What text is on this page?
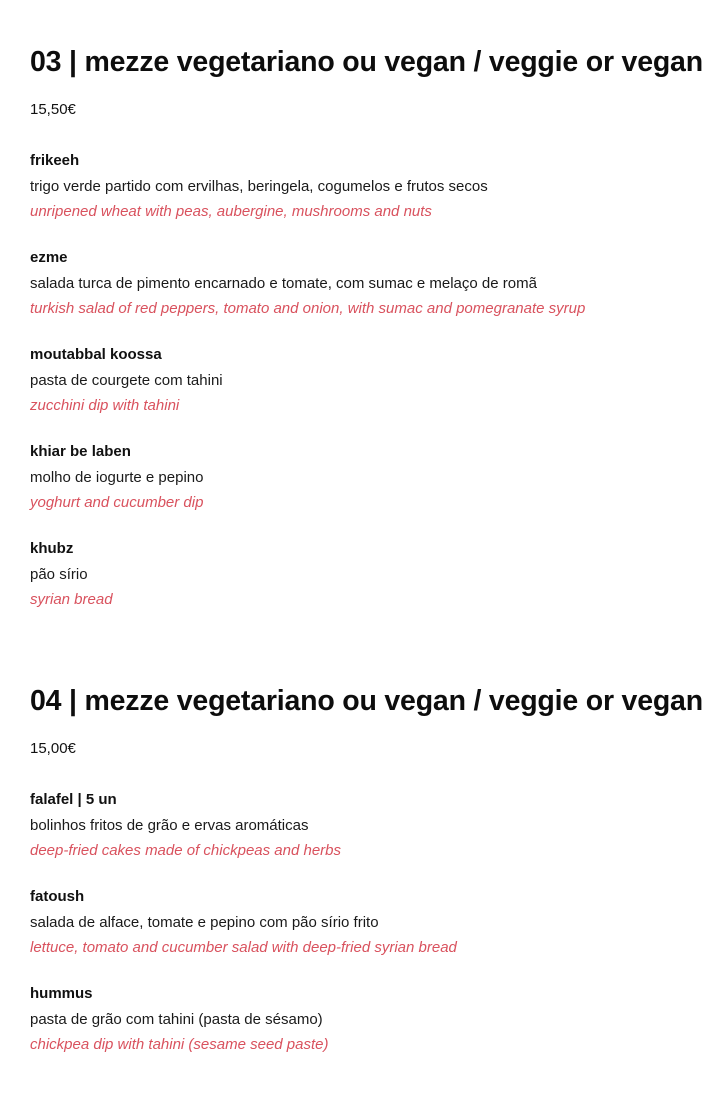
03 | mezze vegetariano ou vegan / veggie or vegan

15,50€

frikeeh
trigo verde partido com ervilhas, beringela, cogumelos e frutos secos
unripened wheat with peas, aubergine, mushrooms and nuts
ezme
salada turca de pimento encarnado e tomate, com sumac e melaço de romã
turkish salad of red peppers, tomato and onion, with sumac and pomegranate syrup
moutabbal koossa
pasta de courgete com tahini
zucchini dip with tahini
khiar be laben
molho de iogurte e pepino
yoghurt and cucumber dip
khubz
pão sírio
syrian bread
04 | mezze vegetariano ou vegan / veggie or vegan

15,00€

falafel | 5 un
bolinhos fritos de grão e ervas aromáticas
deep-fried cakes made of chickpeas and herbs
fatoush
salada de alface, tomate e pepino com pão sírio frito
lettuce, tomato and cucumber salad with deep-fried syrian bread
hummus
pasta de grão com tahini (pasta de sésamo)
chickpea dip with tahini (sesame seed paste)
